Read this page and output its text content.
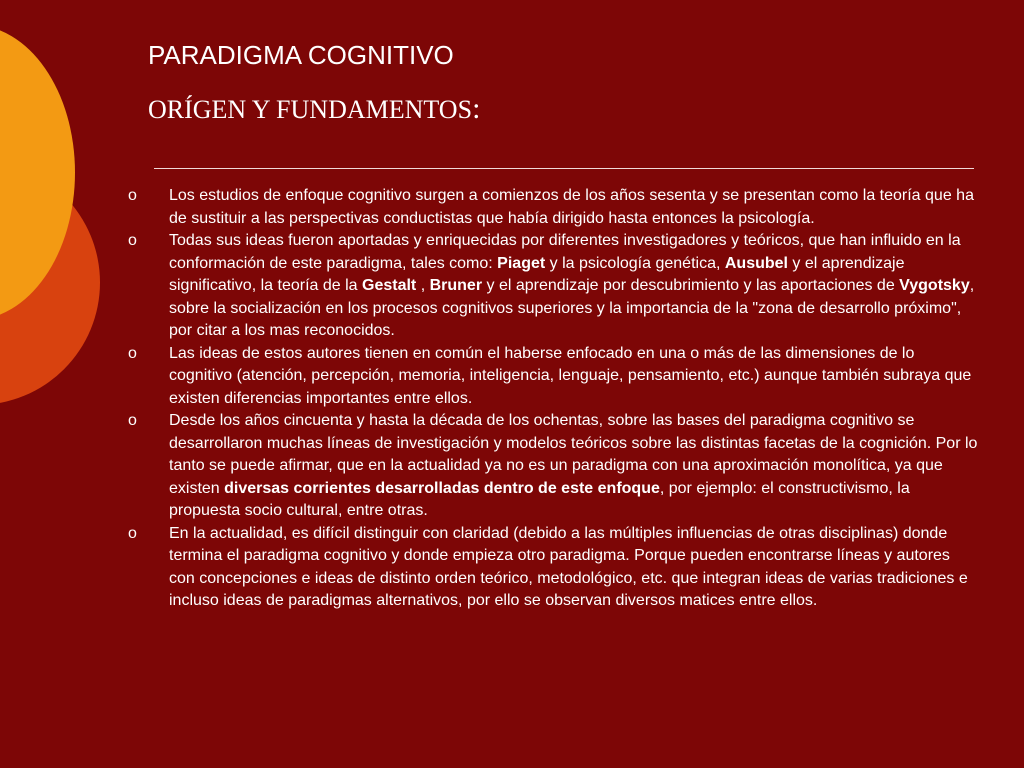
PARADIGMA COGNITIVO
ORÍGEN Y FUNDAMENTOS:
o Los estudios de enfoque cognitivo surgen a comienzos de los años sesenta y se presentan como la teoría que ha de sustituir a las perspectivas conductistas que había dirigido hasta entonces la psicología.
o Todas sus ideas fueron aportadas y enriquecidas por diferentes investigadores y teóricos, que han influido en la conformación de este paradigma, tales como: Piaget y la psicología genética, Ausubel y el aprendizaje significativo, la teoría de la Gestalt , Bruner y el aprendizaje por descubrimiento y las aportaciones de Vygotsky, sobre la socialización en los procesos cognitivos superiores y la importancia de la "zona de desarrollo próximo", por citar a los mas reconocidos.
o Las ideas de estos autores tienen en común el haberse enfocado en una o más de las dimensiones de lo cognitivo (atención, percepción, memoria, inteligencia, lenguaje, pensamiento, etc.) aunque también subraya que existen diferencias importantes entre ellos.
o Desde los años cincuenta y hasta la década de los ochentas, sobre las bases del paradigma cognitivo se desarrollaron muchas líneas de investigación y modelos teóricos sobre las distintas facetas de la cognición. Por lo tanto se puede afirmar, que en la actualidad ya no es un paradigma con una aproximación monolítica, ya que existen diversas corrientes desarrolladas dentro de este enfoque, por ejemplo: el constructivismo, la propuesta socio cultural, entre otras.
o En la actualidad, es difícil distinguir con claridad (debido a las múltiples influencias de otras disciplinas) donde termina el paradigma cognitivo y donde empieza otro paradigma. Porque pueden encontrarse líneas y autores con concepciones e ideas de distinto orden teórico, metodológico, etc. que integran ideas de varias tradiciones e incluso ideas de paradigmas alternativos, por ello se observan diversos matices entre ellos.
